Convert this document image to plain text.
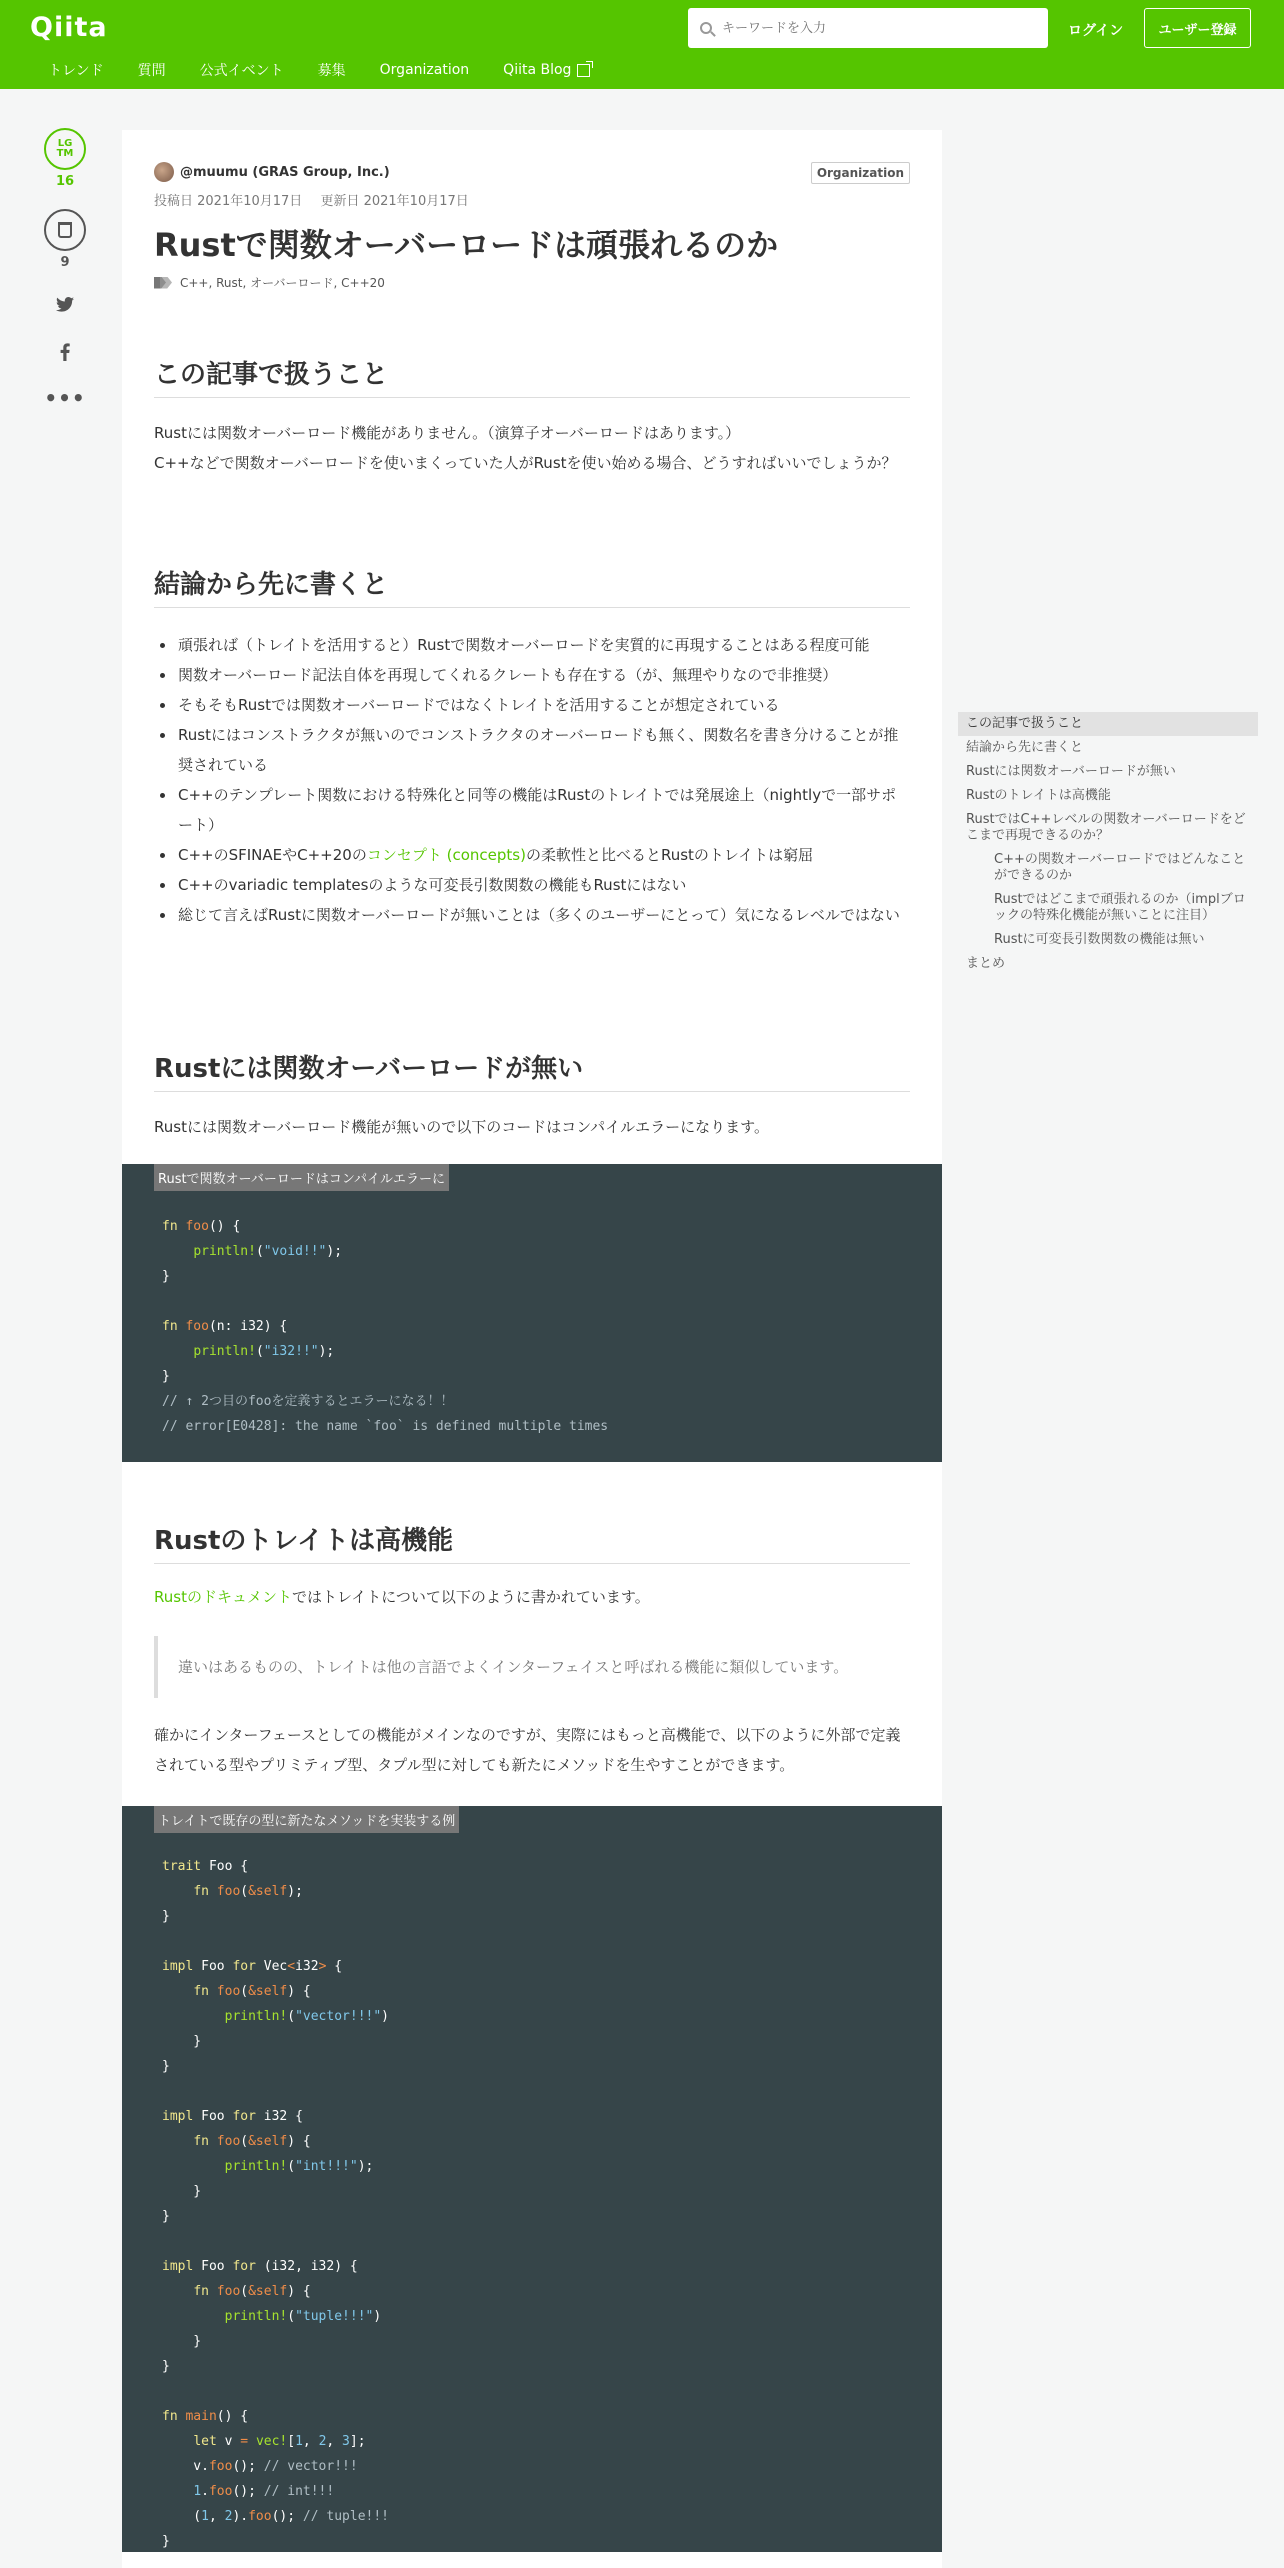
Qiita
トレンド 質問 公式イベント 募集 Organization Qiita Blog
キーワードを入力
ログイン	ユーザー登録
LG
TM
16
9
•••
@muumu (GRAS Group, Inc.)	Organization
投稿日 2021年10月17日 更新日 2021年10月17日
Rustで関数オーバーロードは頑張れるのか
C++, Rust, オーバーロード, C++20
この記事で扱うこと
Rustには関数オーバーロード機能がありません。（演算子オーバーロードはあります。）
C++などで関数オーバーロードを使いまくっていた人がRustを使い始める場合、どうすればいいでしょうか？
結論から先に書くと
頑張れば（トレイトを活用すると）Rustで関数オーバーロードを実質的に再現することはある程度可能
関数オーバーロード記法自体を再現してくれるクレートも存在する（が、無理やりなので非推奨）
そもそもRustでは関数オーバーロードではなくトレイトを活用することが想定されている
Rustにはコンストラクタが無いのでコンストラクタのオーバーロードも無く、関数名を書き分けることが推奨されている
C++のテンプレート関数における特殊化と同等の機能はRustのトレイトでは発展途上（nightlyで一部サポート）
C++のSFINAEやC++20のコンセプト (concepts)の柔軟性と比べるとRustのトレイトは窮屈
C++のvariadic templatesのような可変長引数関数の機能もRustにはない
総じて言えばRustに関数オーバーロードが無いことは（多くのユーザーにとって）気になるレベルではない
Rustには関数オーバーロードが無い
Rustには関数オーバーロード機能が無いので以下のコードはコンパイルエラーになります。
Rustで関数オーバーロードはコンパイルエラーに
fn foo() {
println!("void!!");
}

fn foo(n: i32) {
println!("i32!!");
}
// ↑ 2つ目のfooを定義するとエラーになる！！
// error[E0428]: the name `foo` is defined multiple times
Rustのトレイトは高機能
Rustのドキュメントではトレイトについて以下のように書かれています。
違いはあるものの、トレイトは他の言語でよくインターフェイスと呼ばれる機能に類似しています。
確かにインターフェースとしての機能がメインなのですが、実際にはもっと高機能で、以下のように外部で定義されている型やプリミティブ型、タプル型に対しても新たにメソッドを生やすことができます。
トレイトで既存の型に新たなメソッドを実装する例
trait Foo {
fn foo(&self);
}

impl Foo for Vec<i32> {
fn foo(&self) {
println!("vector!!!")
}
}

impl Foo for i32 {
fn foo(&self) {
println!("int!!!");
}
}

impl Foo for (i32, i32) {
fn foo(&self) {
println!("tuple!!!")
}
}

fn main() {
let v = vec![1, 2, 3];
v.foo(); // vector!!!
1.foo(); // int!!!
(1, 2).foo(); // tuple!!!
}
この記事で扱うこと
結論から先に書くと
Rustには関数オーバーロードが無い
Rustのトレイトは高機能
RustではC++レベルの関数オーバーロードをどこまで再現できるのか？
C++の関数オーバーロードではどんなことができるのか
Rustではどこまで頑張れるのか（implブロックの特殊化機能が無いことに注目）
Rustに可変長引数関数の機能は無い
まとめ
